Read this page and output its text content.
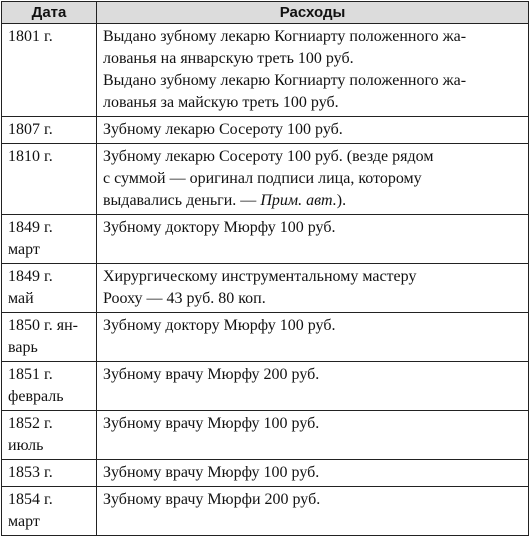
Дата	Расходы

1801 г.	Выдано зубному лекарю Когниарту положенного жа-
лованья на январскую треть 100 руб.
Выдано зубному лекарю Когниарту положенного жа-
лованья за майскую треть 100 руб.

1807 г.	Зубному лекарю Сосероту 100 руб.

1810 г.	Зубному лекарю Сосероту 100 руб. (везде рядом
с суммой — оригинал подписи лица, которому
выдавались деньги. — Прим. авт.).

1849 г.
март	Зубному доктору Мюрфу 100 руб.

1849 г.
май	Хирургическому инструментальному мастеру
Рооху — 43 руб. 80 коп.

1850 г. ян-
варь	Зубному доктору Мюрфу 100 руб.

1851 г.
февраль	Зубному врачу Мюрфу 200 руб.

1852 г.
июль	Зубному врачу Мюрфу 100 руб.

1853 г.	Зубному врачу Мюрфу 100 руб.

1854 г.
март	Зубному врачу Мюрфи 200 руб.
